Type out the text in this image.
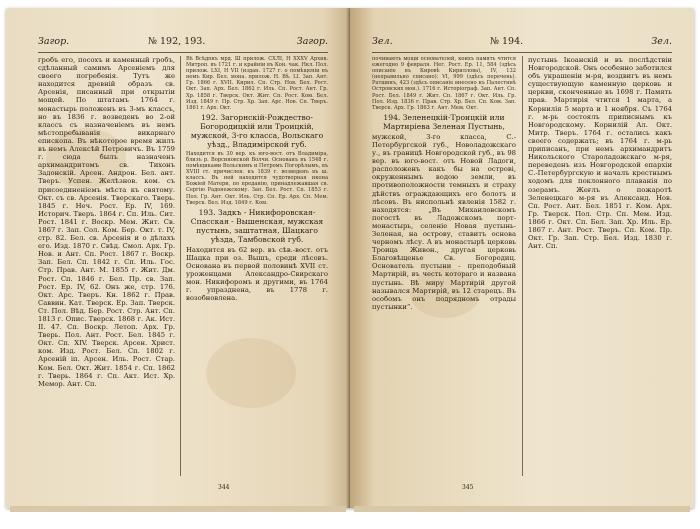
Загор.	№ 192, 193.	Загор.
гробъ его, посохъ и каменный гробъ, сдѣланный самимъ Арсеніемъ для своего погребенія. Тутъ же находится древній образъ св. Арсенія, писанный при открытіи мощей. По штатамъ 1764 г. монастырь положенъ въ 3-мъ классъ, но въ 1836 г. возведенъ во 2-ой классъ съ назначеніемъ въ немъ мѣстопребыванія викарнаго епископа. Въ нѣкоторое время жилъ въ немъ Алексѣй Петровичъ. Въ 1759 г. сюда былъ назначенъ архимандритомъ св. Тихонъ Задонскій. Арсен. Андрон. Бел. ант. Тверъ. Успен. Желѣзнов. ком. съ присоединеніемъ мѣста къ святому. Окт. съ св. Арсенія. Тверскаго. Тверь. 1845 г. Неч. Рост. Ер. IV, 169. Историч. Тверъ. 1864 г. Сп. Иль. Сит. Рост. 1841 г. Воскр. Мем. Жит. Св. 1867 г. Зап. Сол. Ком. Бер. Окт. т. IV, стр. 82. Бел. св. Арсенія и о дѣлахъ его. Изд. 1870 г. Свѣд. Смол. Арх. Гр. Нов. и Ант. Сп. Рост. 1867 г. Воскр. Зап. Бел. Сп. 1842 г. Сп. Иль. Гос. Стр. Прав. Ант. М. 1855 г. Жит. Дм. Рост. Сп. 1846 г. Бел. Пр. св. Зап. Рост. Ер. IV, 62. Онъ же, стр. 176. Окт. Арс. Тверъ. Кн. 1862 г. Прав. Саввин. Кат. Тверск. Ер. Зап. Тверск. Ст. Пол. Вѣд. Бер. Рост. Стр. Ант. Сп. 1813 г. Опис. Тверск. 1868 г. Ак. Ист. II. 47. Сп. Воскр. Летоп. Арх. Гр. Тверь. Пол. Ант. Рост. Бел. 1845 г. Окт. Сп. XIV. Тверск. Арсен. Христ. ком. Изд. Рост. Бел. Сп. 1802 г. Арсеній іп. Арсен. Иль. Рост. Стар. Ком. Бел. Окт. Жит. 1854 г. Сп. 1862 г. Тверь. 1864 г. Сп. Акт. Ист. Хр. Мемор. Ант. Сп.
Вѣ Всѣдпкъ мрд. Ш прилож. СХЛІ, Н XXXV Архив. Митроп. въ 1721 г. и крайніи въ Кон. чак. Нкл. Пол. прилож. LXI, Н VII (издан. 1727 г. о помѣщеніи въ немъ Кир. Бел. мона. прилож. Н. Вѣ. LI. Зап. Ант. Гр. 1866 г. XVII. Кирил. Сп. Стр. Нов. Бел. Рост. Окт. Зап. Арх. Бел. 1862 г. Иль. Сп. Рост. Ант. Гр. Хр. 1858 г. Тверск. Окт. Жит. Сп. Рост. Ком. Бел. Изд. 1849 г. Пр. Стр. Хр. Зап. Арс. Нов. Сп. Тверъ. 1861 г. Арх. Окт.
192. Загорнскій-Рождество-Богородицкій или Троицкій, мужской, 3-го класса, Вольскаго уѣзд., Владимірской губ.
Находится въ 30 вер. къ юго-вост. отъ Владиміра, близъ р. Ворсиновской Волчи. Основанъ въ 1548 г. помѣщиками Вольскимъ и Петромъ Погорѣлымъ, въ XVIII ст. причислен. къ 1839 г. возведенъ въ ш. классъ. Въ ней находится чудотворная икона Божіей Матери, по преданію, принадлежавшая св. Сергію Радонежскому. Зап. Бел. Рост. Сп. 1853 г. Пол. Гр. Ант. Окт. Иль. Стр. Сп. Ер. Арх. Сп. Мем. Тверск. Бел. Изд. 1849 г. Ком.
193. Задкъ - Никифоровская-Спасская - Вышенская, мужская пустынь, заштатная, Шацкаго уѣзда, Тамбовской губ.
Находится въ 62 вер. въ сѣв.-вост. отъ Шацка при оз. Вышъ, среди лѣсовъ. Основана въ первой половинѣ XVII ст. уроженцами Александро-Свирскаго мон. Никифоромъ и другими, въ 1764 г. упразднена, въ 1778 г. возобновлена.
344
Зел.	№ 194.	Зел.
почивають мощи основателей, коихъ память чтится ежегодно 9 февраля. Нег. Рост. Ер. 11, 584 (здѣсь описаніе въ Кировѣ Кириллова), IV, 132 (неправильно списано); VI, 999 (здѣсь перечень). Ратшинъ, 423 (здѣсь описаніе внесено къ Палестинѣ Островских мон.). 1716 г. Исторіограф. Зап. Ант. Сп. Рост. Бел. 1849 г. Жит. Сп. 1867 г. Окт. Иль. Гр. Пол. Изд. 1836 г. Прав. Стр. Хр. Бел. Сп. Ком. Зап. Тверск. Арх. Гр. 1863 г. Ант. Мем. Окт.
194. Зеленецкій-Троицкій или Мартиріева Зеленая Пустынь,
мужской, 3-го класса, С.-Петербургской губ., Новоладожскаго у., въ границѣ Новгородской губ., въ 98 вер. въ юго-вост. отъ Новой Ладоги, расположенъ какъ бы на острові, окруженнымъ водою земли, въ противоположности темныхъ и страху дѣйствъ ограждающихъ его болотъ и лѣсовъ. Въ ниспольнѣ явленія 1582 г. находятся: „Въ Михаиловскомъ погостѣ въ Ладожскомъ порт-монастырь, селеніе Новая пустынь-Зеленая, на острову, ставитъ основа черномъ лѣсу. А въ монастырѣ церковь Троица Живон., другая церковь Благовѣщенье Св. Богородиц. Основатель пустыни - преподобный Мартирій, въ честь котораго и названа пустынь. Вѣ миру Мартирій другой назывался Мартирій, въ 12 старецъ. Въ особомъ онъ подрядномъ отрады пустынки“.
пустынь Ікоанскій и въ послѣдствіи Новгородской. Онъ особенно заботился объ украшеніи м-ря, воздвигъ въ немъ существующую каменную церковь и церкви, сконченные въ 1698 г. Память прав. Мартирія чтится 1 марта, а Корнилія 5 марта и 1 ноября. Съ 1764 г. м-рь состоялъ приписнымъ къ Новгородскому. Корнилій Ал. Окт. Митр. Тверъ. 1764 г. остались какъ своего содержать; въ 1764 г. м-рь приписанъ, при немъ архимандритъ Никольского Староладожскаго м-ря, переведенъ изъ Новгородской епархіи С.-Петербургскую и началъ крестнымъ ходомъ для поклонного плаванія по озерамъ. Жеғлъ о пожаротѣ Зеленецкаго м-ря въ Александ. Нов. Сп. Рост. Ант. Бел. 1851 г. Ком. Арх. Гр. Тверск. Пол. Стр. Сп. Мем. Изд. 1866 г. Окт. Сп. Бел. Зап. Хр. Иль. Ер. 1867 г. Ант. Рост. Тверъ. Сп. Ком. Пр. Окт. Гр. Зап. Стр. Бел. Изд. 1830 г. Ант. Сп.
345
